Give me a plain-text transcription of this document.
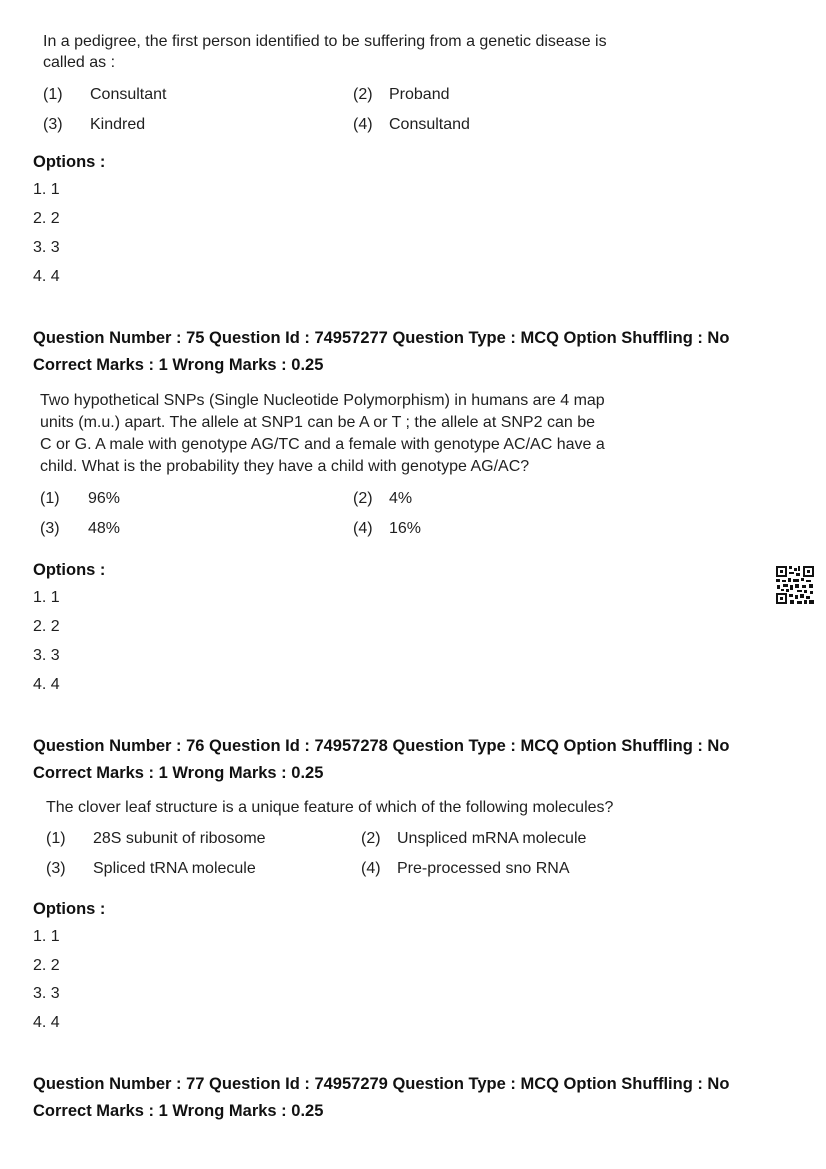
In a pedigree, the first person identified to be suffering from a genetic disease is
called as :
(1) Consultant	(2) Proband
(3) Kindred	(4) Consultand
Options :
1. 1
2. 2
3. 3
4. 4
Question Number : 75 Question Id : 74957277 Question Type : MCQ Option Shuffling : No
Correct Marks : 1 Wrong Marks : 0.25
Two hypothetical SNPs (Single Nucleotide Polymorphism) in humans are 4 map
units (m.u.) apart. The allele at SNP1 can be A or T ; the allele at SNP2 can be
C or G. A male with genotype AG/TC and a female with genotype AC/AC have a
child. What is the probability they have a child with genotype AG/AC?
(1) 96%	(2) 4%
(3) 48%	(4) 16%
Options :
1. 1
2. 2
3. 3
4. 4
Question Number : 76 Question Id : 74957278 Question Type : MCQ Option Shuffling : No
Correct Marks : 1 Wrong Marks : 0.25
The clover leaf structure is a unique feature of which of the following molecules?
(1) 28S subunit of ribosome	(2) Unspliced mRNA molecule
(3) Spliced tRNA molecule	(4) Pre-processed sno RNA
Options :
1. 1
2. 2
3. 3
4. 4
Question Number : 77 Question Id : 74957279 Question Type : MCQ Option Shuffling : No
Correct Marks : 1 Wrong Marks : 0.25
